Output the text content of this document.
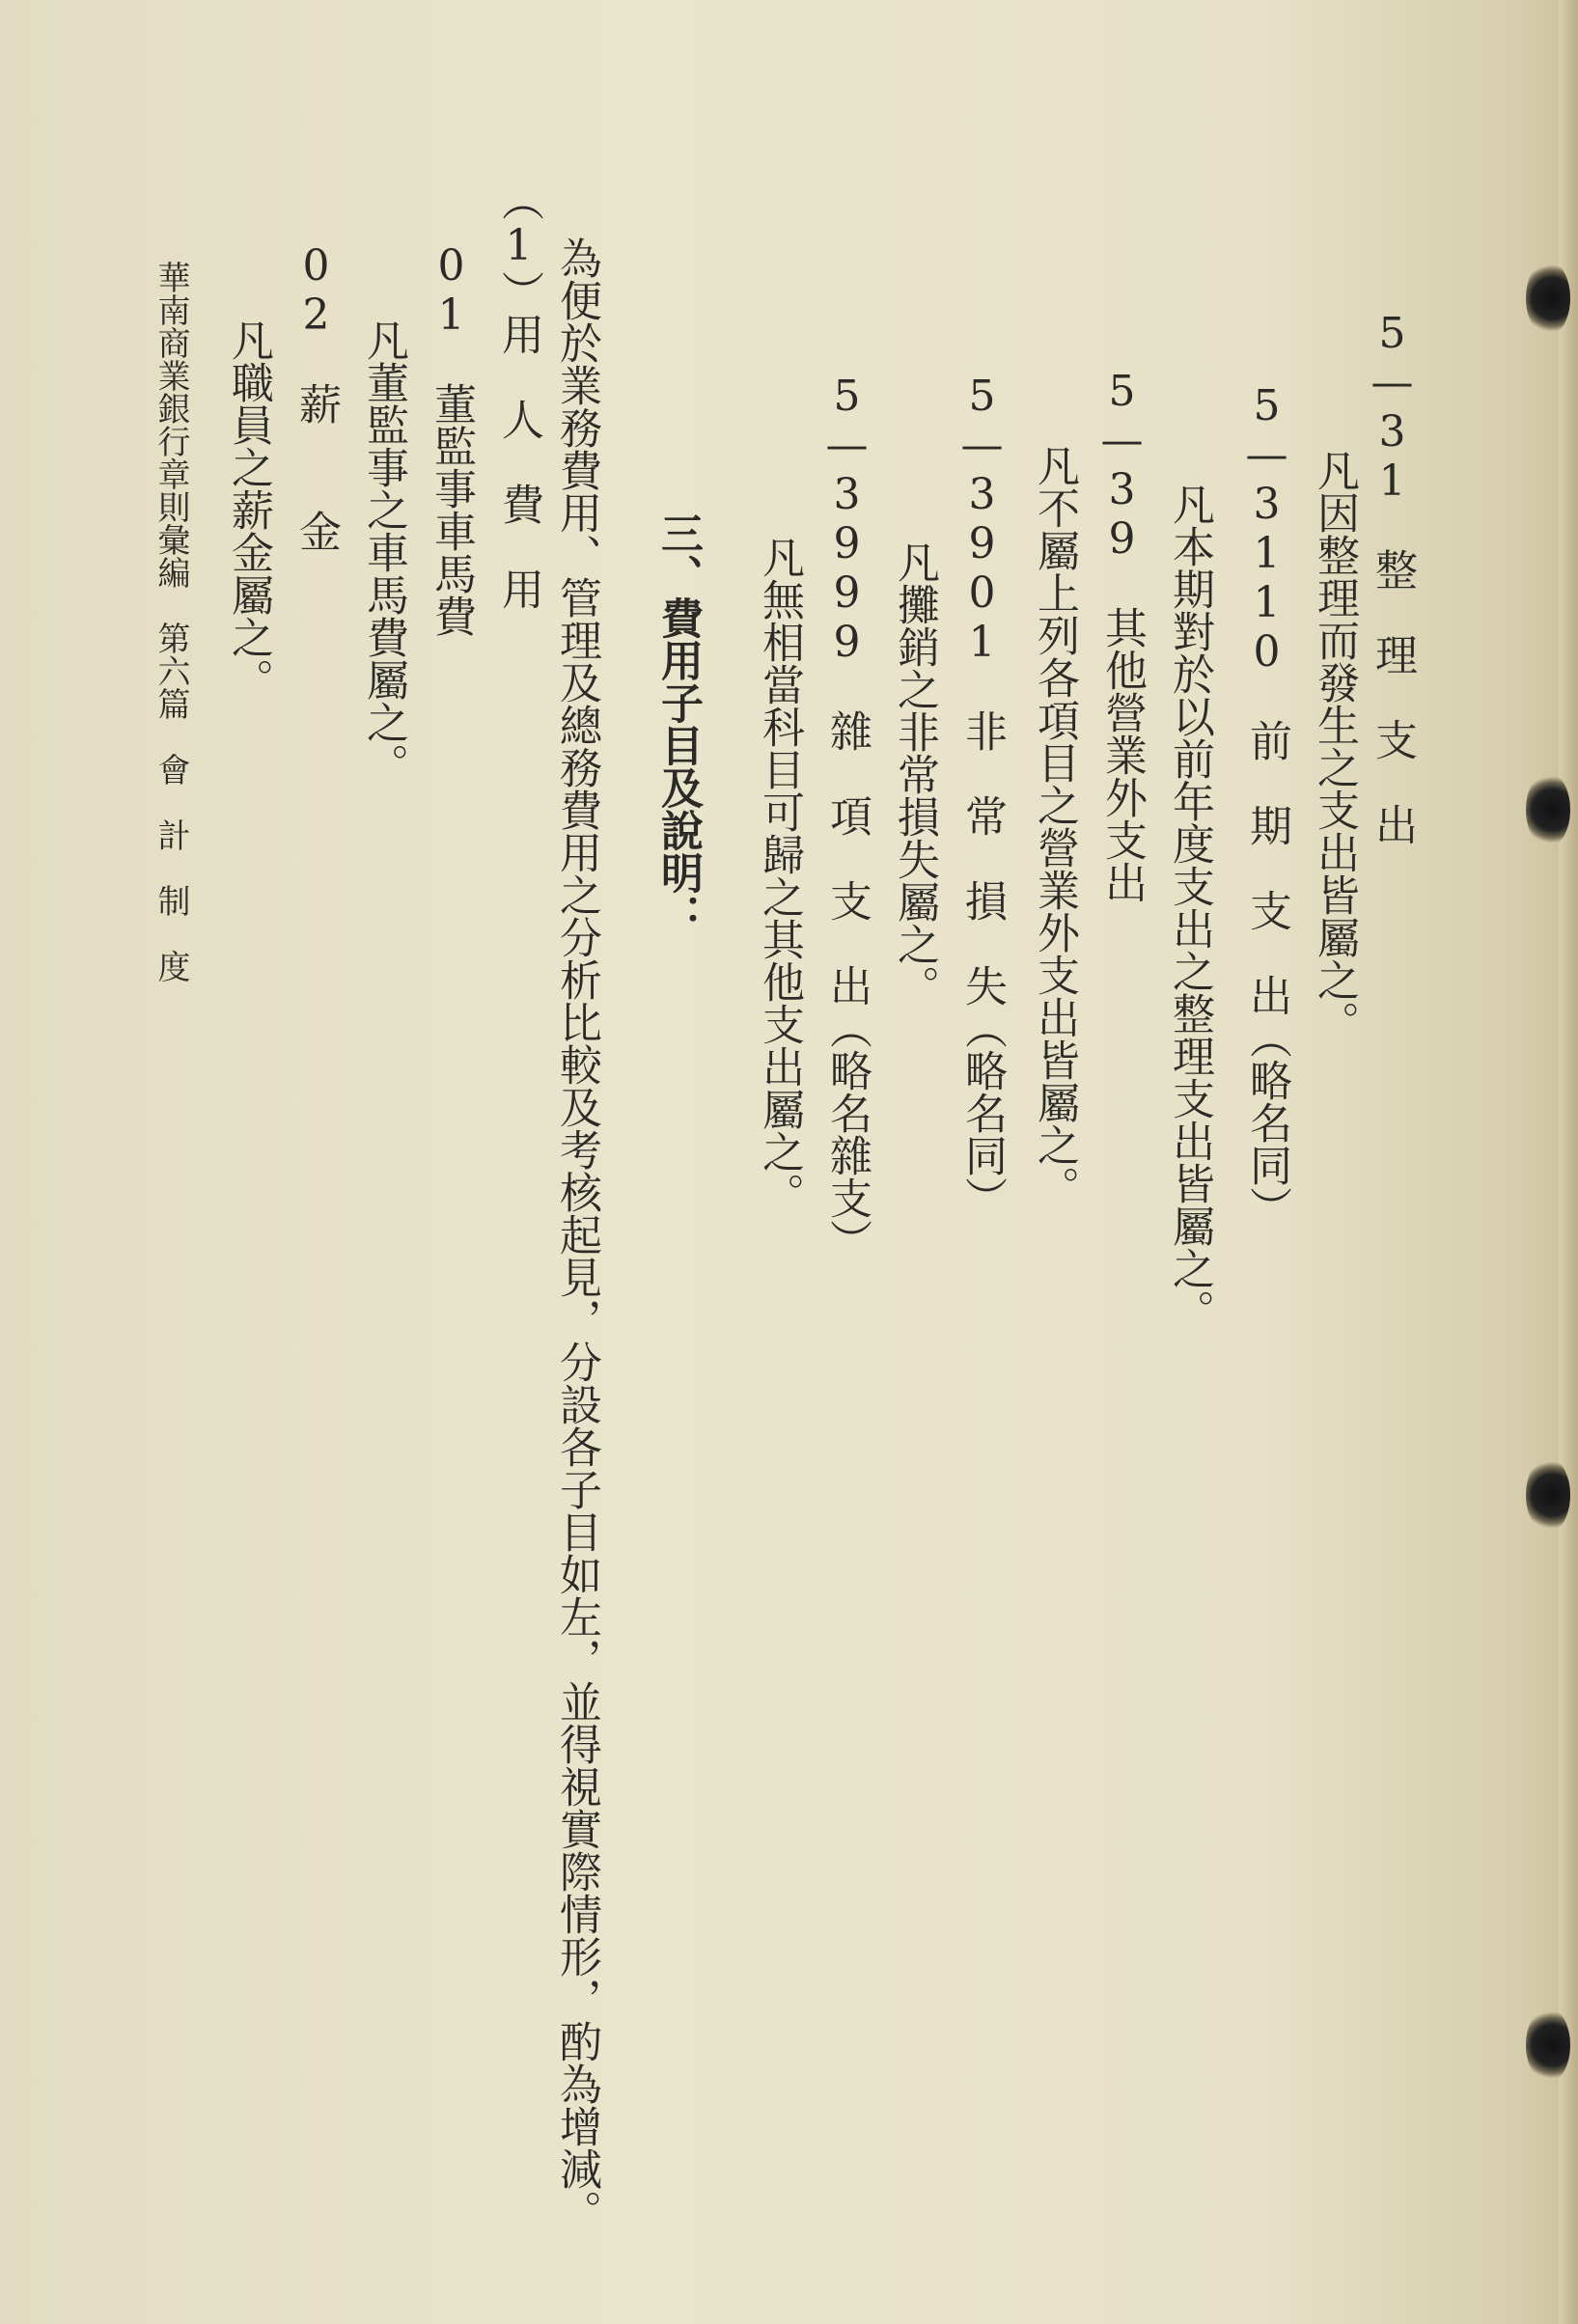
5—31　整　理　支　出
凡因整理而發生之支出皆屬之。
5—3110　前　期　支　出（略名同）
凡本期對於以前年度支出之整理支出皆屬之。
5—39　其他營業外支出
凡不屬上列各項目之營業外支出皆屬之。
5—3901　非　常　損　失（略名同）
凡攤銷之非常損失屬之。
5—3999　雜　項　支　出（略名雜支）
凡無相當科目可歸之其他支出屬之。
三、費用子目及說明：
為便於業務費用、管理及總務費用之分析比較及考核起見，分設各子目如左，並得視實際情形，酌為增減。
（1）用　人　費　用
01　董監事車馬費
凡董監事之車馬費屬之。
02　薪　　金
凡職員之薪金屬之。
華南商業銀行章則彙編　第六篇　會　計　制　度
